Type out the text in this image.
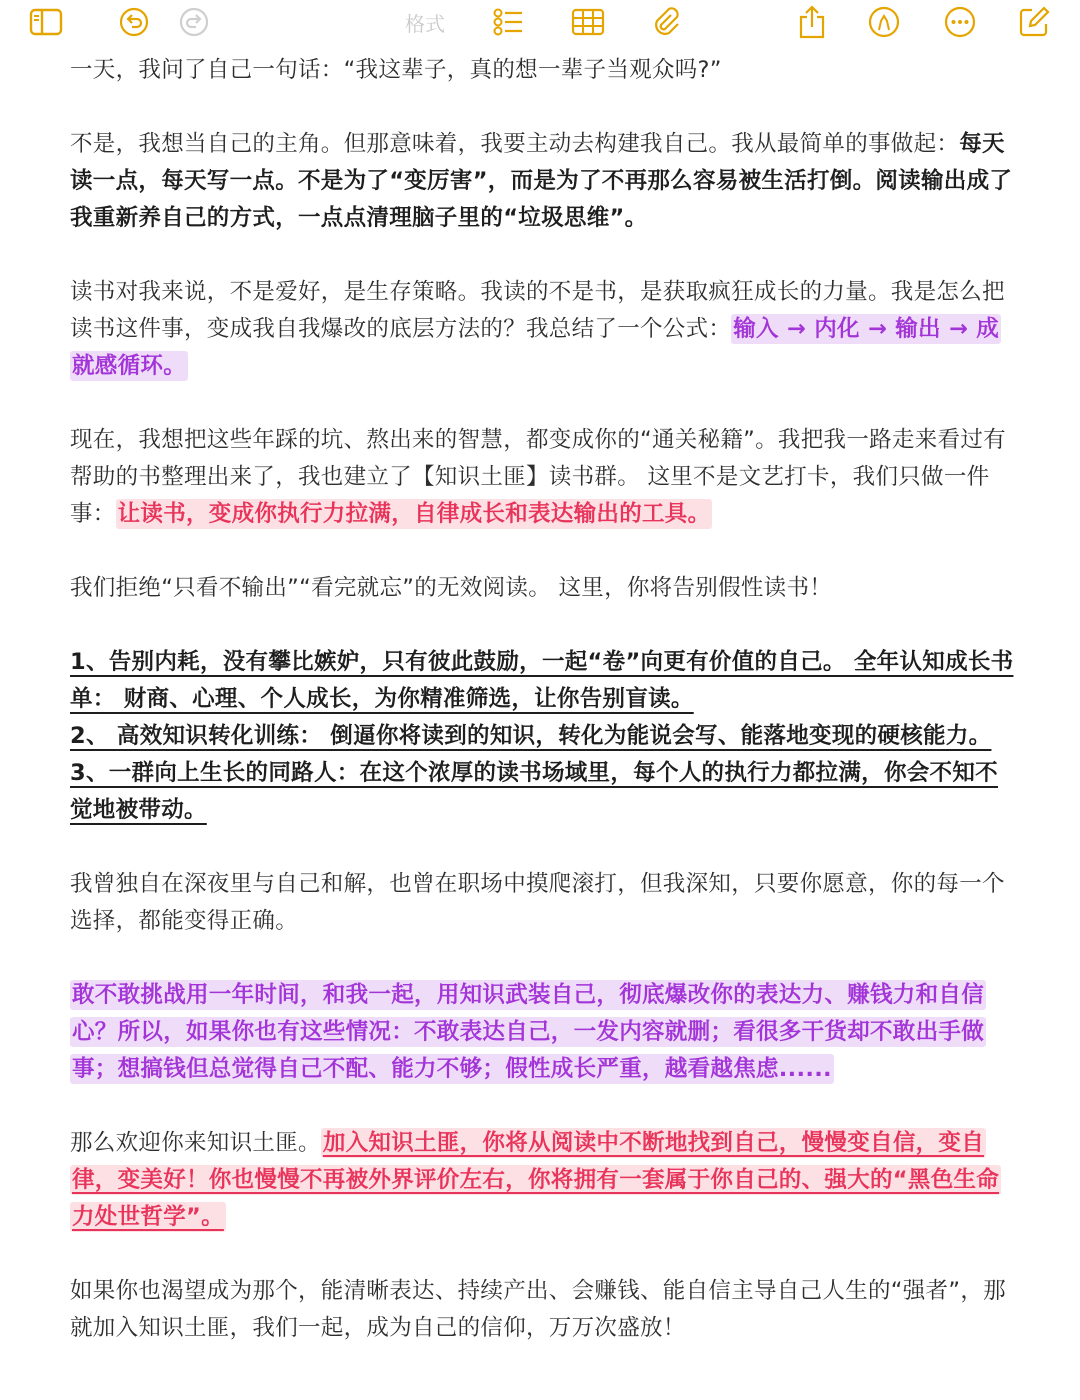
格式

一天，我问了自己一句话：“我这辈子，真的想一辈子当观众吗?”

不是，我想当自己的主角。但那意味着，我要主动去构建我自己。我从最简单的事做起：每天读一点，每天写一点。不是为了“变厉害”，而是为了不再那么容易被生活打倒。阅读输出成了我重新养自己的方式，一点点清理脑子里的“垃圾思维”。

读书对我来说，不是爱好，是生存策略。我读的不是书，是获取疯狂成长的力量。我是怎么把读书这件事，变成我自我爆改的底层方法的？我总结了一个公式：输入 → 内化 → 输出 → 成就感循环。

现在，我想把这些年踩的坑、熬出来的智慧，都变成你的“通关秘籍”。我把我一路走来看过有帮助的书整理出来了，我也建立了【知识土匪】读书群。 这里不是文艺打卡，我们只做一件事：让读书，变成你执行力拉满，自律成长和表达输出的工具。

我们拒绝“只看不输出”“看完就忘”的无效阅读。 这里，你将告别假性读书！

1、告别内耗，没有攀比嫉妒，只有彼此鼓励，一起“卷”向更有价值的自己。 全年认知成长书单： 财商、心理、个人成长，为你精准筛选，让你告别盲读。

2、 高效知识转化训练： 倒逼你将读到的知识，转化为能说会写、能落地变现的硬核能力。

3、一群向上生长的同路人：在这个浓厚的读书场域里，每个人的执行力都拉满，你会不知不觉地被带动。

我曾独自在深夜里与自己和解，也曾在职场中摸爬滚打，但我深知，只要你愿意，你的每一个选择，都能变得正确。

敢不敢挑战用一年时间，和我一起，用知识武装自己，彻底爆改你的表达力、赚钱力和自信心？所以，如果你也有这些情况：不敢表达自己，一发内容就删；看很多干货却不敢出手做事；想搞钱但总觉得自己不配、能力不够；假性成长严重，越看越焦虑......

那么欢迎你来知识土匪。加入知识土匪，你将从阅读中不断地找到自己，慢慢变自信，变自律，变美好！你也慢慢不再被外界评价左右，你将拥有一套属于你自己的、强大的“黑色生命力处世哲学”。

如果你也渴望成为那个，能清晰表达、持续产出、会赚钱、能自信主导自己人生的“强者”，那就加入知识土匪，我们一起，成为自己的信仰，万万次盛放！
